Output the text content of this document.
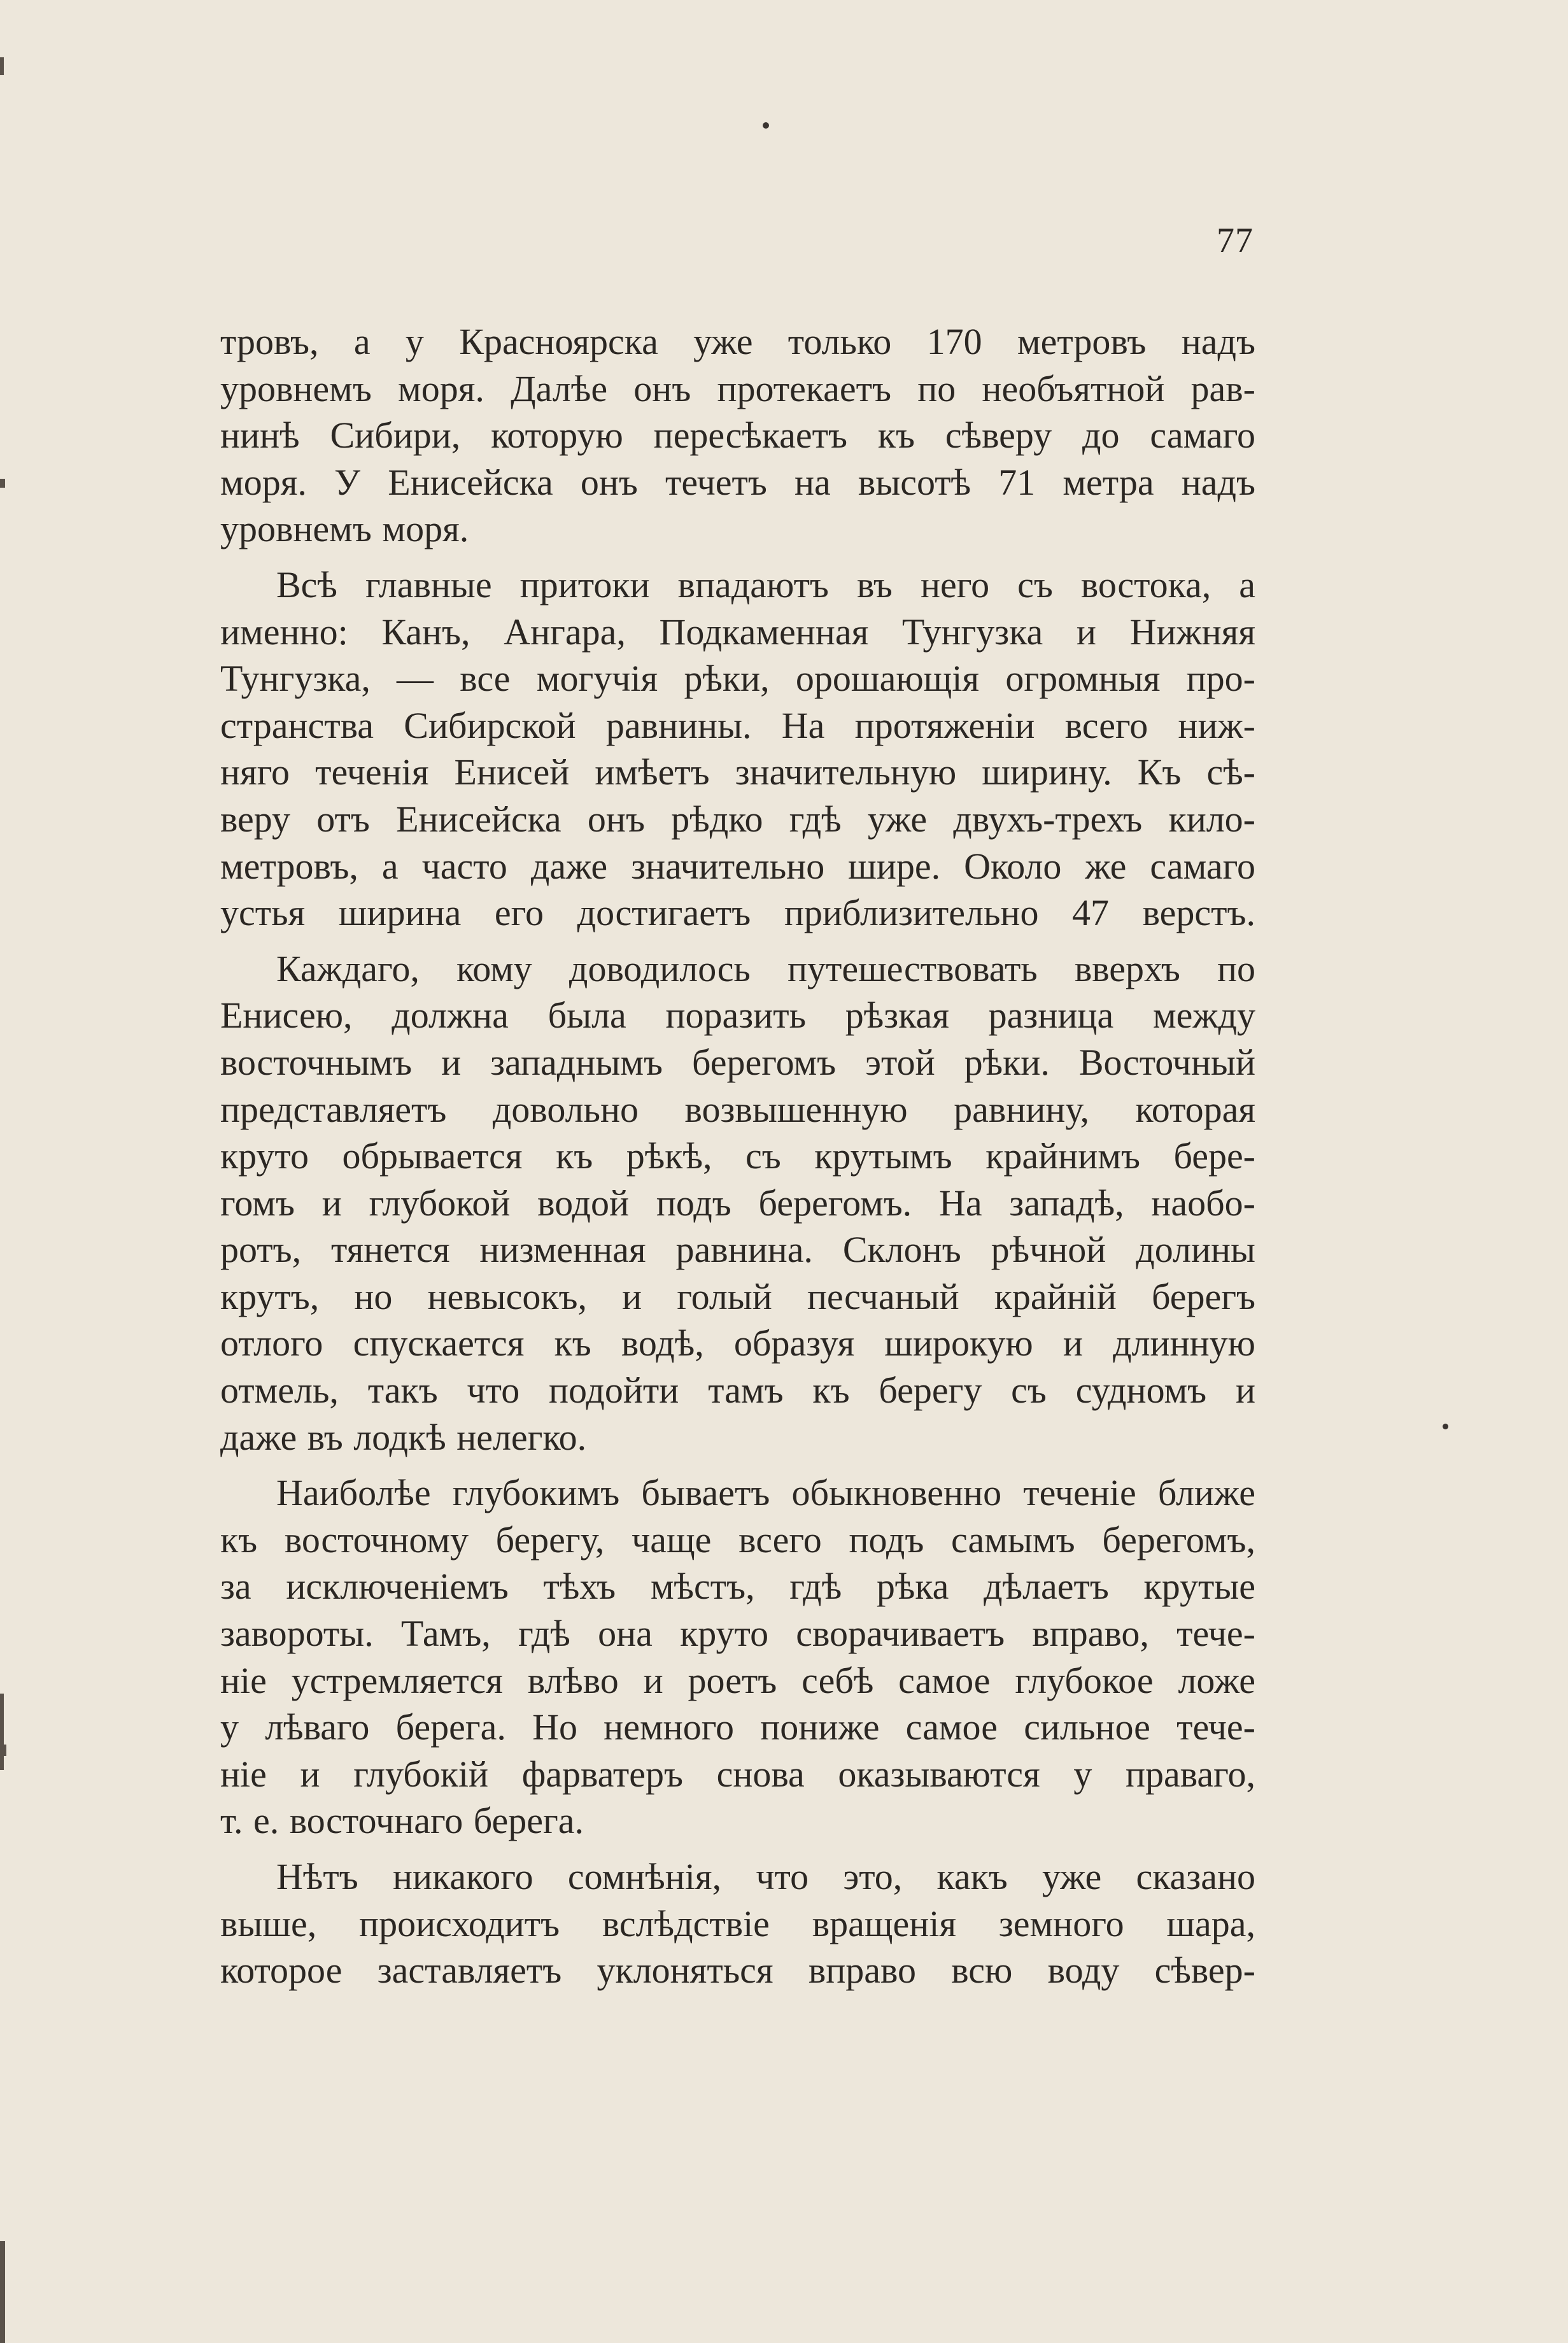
77

тровъ, а у Красноярска уже только 170 метровъ надъ
уровнемъ моря. Далѣе онъ протекаетъ по необъятной рав-
нинѣ Сибири, которую пересѣкаетъ къ сѣверу до самаго
моря. У Енисейска онъ течетъ на высотѣ 71 метра надъ

уровнемъ моря.

Всѣ главные притоки впадаютъ въ него съ востока, а
именно: Канъ, Ангара, Подкаменная Тунгузка и Нижняя
Тунгузка, — все могучія рѣки, орошающія огромныя про-
странства Сибирской равнины. На протяженіи всего ниж-
няго теченія Енисей имѣетъ значительную ширину. Къ сѣ-
веру отъ Енисейска онъ рѣдко гдѣ уже двухъ-трехъ кило-
метровъ, а часто даже значительно шире. Около же самаго
устья ширина его достигаетъ приблизительно 47 верстъ.

Каждаго, кому доводилось путешествовать вверхъ по
Енисею, должна была поразить рѣзкая разница между
восточнымъ и западнымъ берегомъ этой рѣки. Восточный
представляетъ довольно возвышенную равнину, которая
круто обрывается къ рѣкѣ, съ крутымъ крайнимъ бере-
гомъ и глубокой водой подъ берегомъ. На западѣ, наобо-
ротъ, тянется низменная равнина. Склонъ рѣчной долины
крутъ, но невысокъ, и голый песчаный крайній берегъ
отлого спускается къ водѣ, образуя широкую и длинную
отмель, такъ что подойти тамъ къ берегу съ судномъ и

даже въ лодкѣ нелегко.

Наиболѣе глубокимъ бываетъ обыкновенно теченіе ближе
къ восточному берегу, чаще всего подъ самымъ берегомъ,
за исключеніемъ тѣхъ мѣстъ, гдѣ рѣка дѣлаетъ крутые
завороты. Тамъ, гдѣ она круто сворачиваетъ вправо, тече-
ніе устремляется влѣво и роетъ себѣ самое глубокое ложе
у лѣваго берега. Но немного пониже самое сильное тече-
ніе и глубокій фарватеръ снова оказываются у праваго,

т. е. восточнаго берега.

Нѣтъ никакого сомнѣнія, что это, какъ уже сказано
выше, происходитъ вслѣдствіе вращенія земного шара,
которое заставляетъ уклоняться вправо всю воду сѣвер-
